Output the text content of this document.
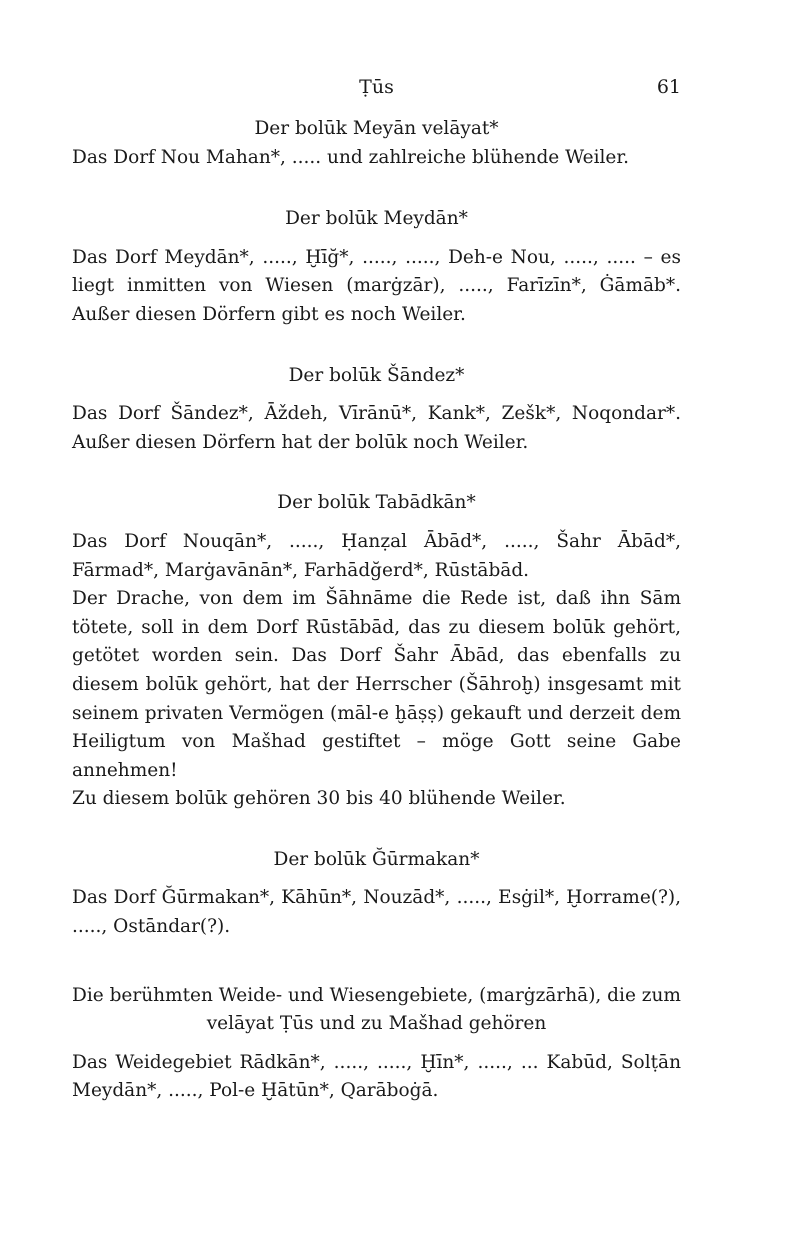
Ṭūs	61
Der bolūk Meyān velāyat*

Das Dorf Nou Mahan*, ..... und zahlreiche blühende Weiler.

Der bolūk Meydān*

Das Dorf Meydān*, ....., Ḫīğ*, ....., ....., Deh-e Nou, ....., ..... – es liegt inmitten von Wiesen (marġzār), ....., Farīzīn*, Ġāmāb*. Außer diesen Dörfern gibt es noch Weiler.

Der bolūk Šāndez*

Das Dorf Šāndez*, Āždeh, Vīrānū*, Kank*, Zešk*, Noqondar*. Außer diesen Dörfern hat der bolūk noch Weiler.

Der bolūk Tabādkān*

Das Dorf Nouqān*, ....., Ḥanẓal Ābād*, ....., Šahr Ābād*, Fārmad*, Marġavānān*, Farhādğerd*, Rūstābād.

Der Drache, von dem im Šāhnāme die Rede ist, daß ihn Sām tötete, soll in dem Dorf Rūstābād, das zu diesem bolūk gehört, getötet worden sein. Das Dorf Šahr Ābād, das ebenfalls zu diesem bolūk gehört, hat der Herrscher (Šāhroḫ) insgesamt mit seinem privaten Vermögen (māl-e ḫāṣṣ) gekauft und derzeit dem Heiligtum von Mašhad gestiftet – möge Gott seine Gabe annehmen!

Zu diesem bolūk gehören 30 bis 40 blühende Weiler.

Der bolūk Ğūrmakan*

Das Dorf Ğūrmakan*, Kāhūn*, Nouzād*, ....., Esġil*, Ḫorrame(?), ....., Ostāndar(?).

Die berühmten Weide- und Wiesengebiete, (marġzārhā), die zum velāyat Ṭūs und zu Mašhad gehören

Das Weidegebiet Rādkān*, ....., ....., Ḫīn*, ....., ... Kabūd, Solṭān Meydān*, ....., Pol-e Ḫātūn*, Qarāboġā.
